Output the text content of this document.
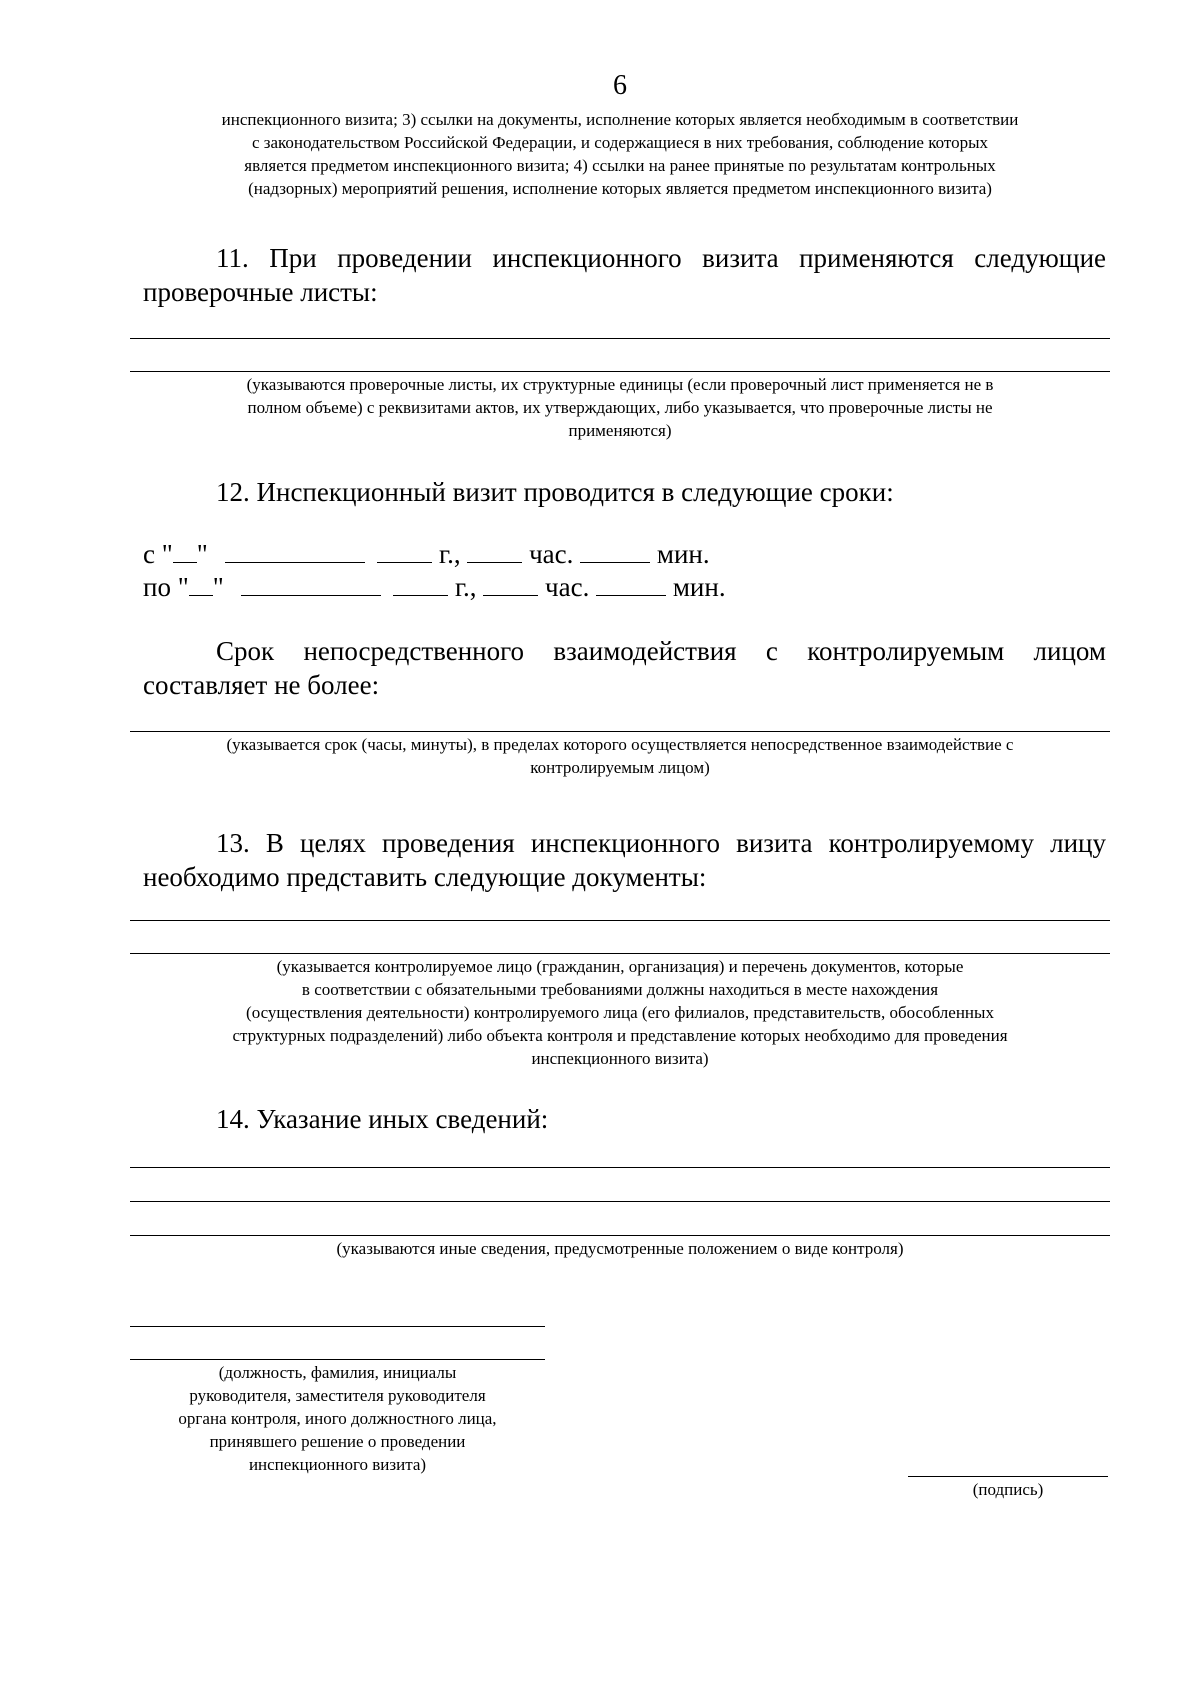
6
инспекционного визита; 3) ссылки на документы, исполнение которых является необходимым в соответствии
с законодательством Российской Федерации, и содержащиеся в них требования, соблюдение которых
является предметом инспекционного визита; 4) ссылки на ранее принятые по результатам контрольных
(надзорных) мероприятий решения, исполнение которых является предметом инспекционного визита)
11. При проведении инспекционного визита применяются следующие
проверочные листы:
(указываются проверочные листы, их структурные единицы (если проверочный лист применяется не в
полном объеме) с реквизитами актов, их утверждающих, либо указывается, что проверочные листы не
применяются)
12. Инспекционный визит проводится в следующие сроки:
с " "	г.,	час.	мин.
по " "	г.,	час.	мин.
Срок непосредственного взаимодействия с контролируемым лицом
составляет не более:
(указывается срок (часы, минуты), в пределах которого осуществляется непосредственное взаимодействие с
контролируемым лицом)
13. В целях проведения инспекционного визита контролируемому лицу
необходимо представить следующие документы:
(указывается контролируемое лицо (гражданин, организация) и перечень документов, которые
в соответствии с обязательными требованиями должны находиться в месте нахождения
(осуществления деятельности) контролируемого лица (его филиалов, представительств, обособленных
структурных подразделений) либо объекта контроля и представление которых необходимо для проведения
инспекционного визита)
14. Указание иных сведений:
(указываются иные сведения, предусмотренные положением о виде контроля)
(должность, фамилия, инициалы
руководителя, заместителя руководителя
органа контроля, иного должностного лица,
принявшего решение о проведении
инспекционного визита)
(подпись)
